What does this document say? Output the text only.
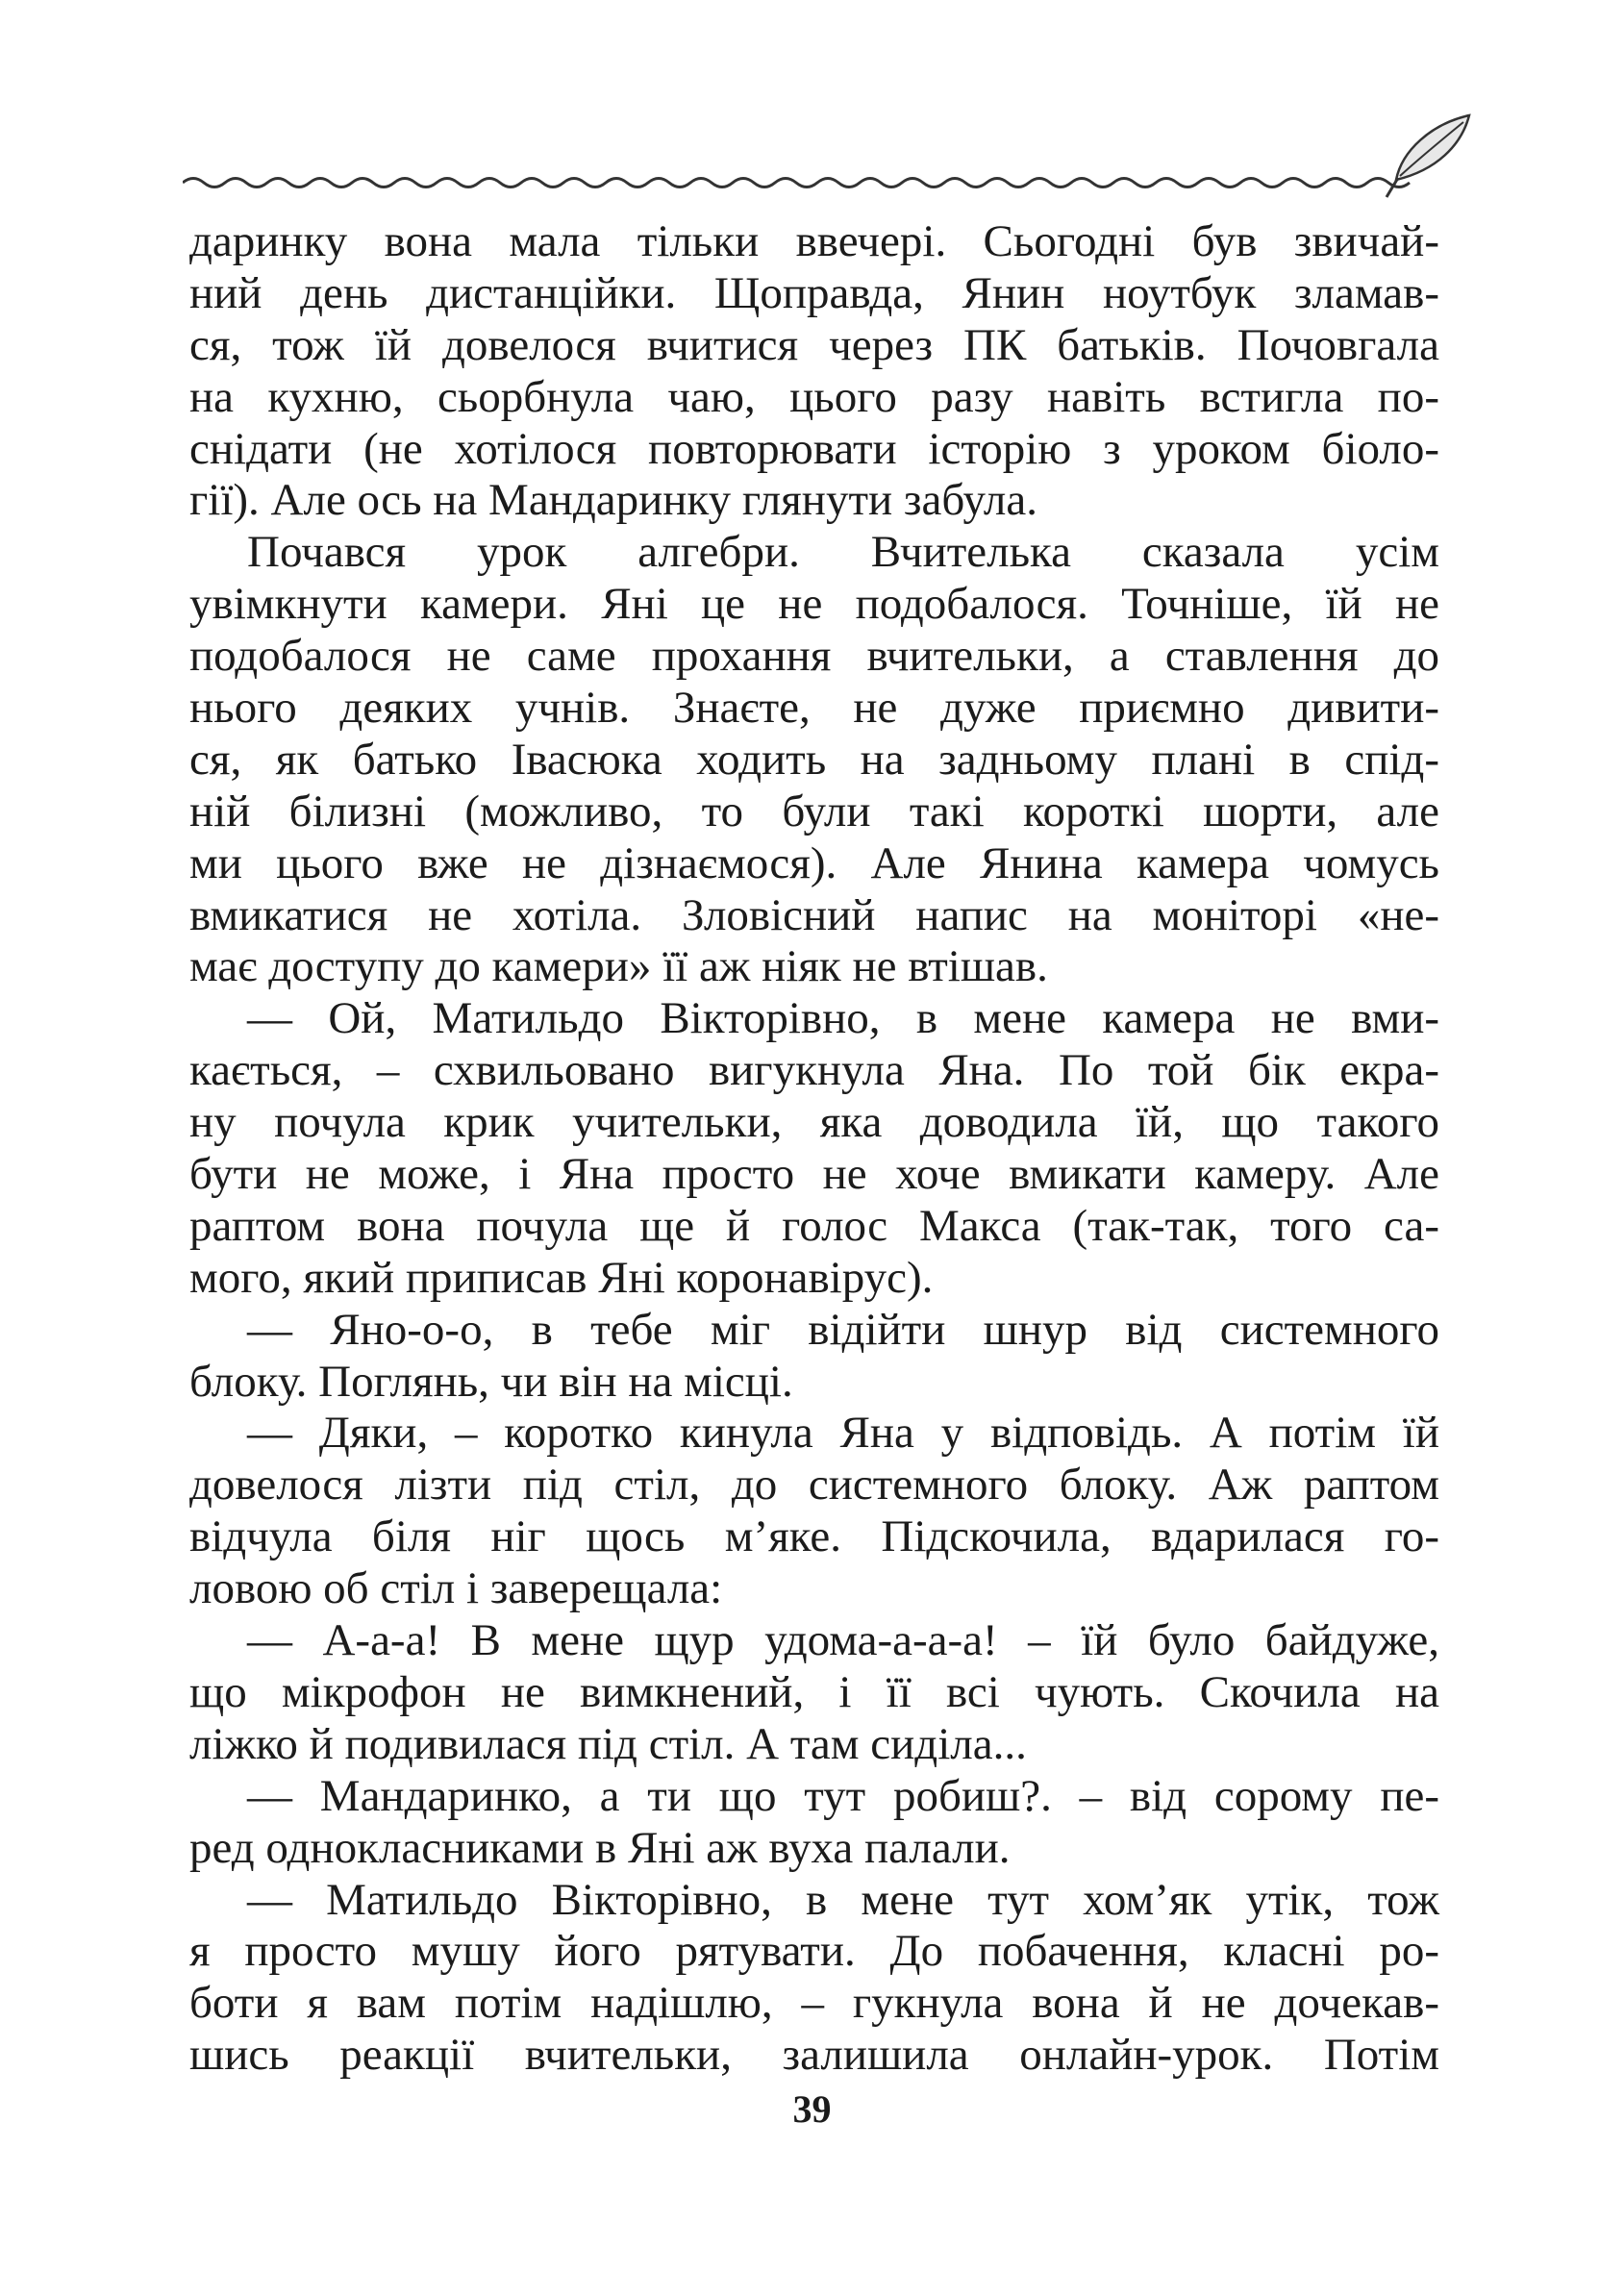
даринку вона мала тільки ввечері. Сьогодні був звичай-
ний день дистанційки. Щоправда, Янин ноутбук зламав-
ся, тож їй довелося вчитися через ПК батьків. Почовгала
на кухню, сьорбнула чаю, цього разу навіть встигла по-
снідати (не хотілося повторювати історію з уроком біоло-
гії). Але ось на Мандаринку глянути забула.
Почався урок алгебри. Вчителька сказала усім
увімкнути камери. Яні це не подобалося. Точніше, їй не
подобалося не саме прохання вчительки, а ставлення до
нього деяких учнів. Знаєте, не дуже приємно дивити-
ся, як батько Івасюка ходить на задньому плані в спід-
ній білизні (можливо, то були такі короткі шорти, але
ми цього вже не дізнаємося). Але Янина камера чомусь
вмикатися не хотіла. Зловісний напис на моніторі «не-
має доступу до камери» її аж ніяк не втішав.
— Ой, Матильдо Вікторівно, в мене камера не вми-
кається, – схвильовано вигукнула Яна. По той бік екра-
ну почула крик учительки, яка доводила їй, що такого
бути не може, і Яна просто не хоче вмикати камеру. Але
раптом вона почула ще й голос Макса (так-так, того са-
мого, який приписав Яні коронавірус).
— Яно-о-о, в тебе міг відійти шнур від системного
блоку. Поглянь, чи він на місці.
— Дяки, – коротко кинула Яна у відповідь. А потім їй
довелося лізти під стіл, до системного блоку. Аж раптом
відчула біля ніг щось м’яке. Підскочила, вдарилася го-
ловою об стіл і заверещала:
— А-а-а! В мене щур удома-а-а-а! – їй було байдуже,
що мікрофон не вимкнений, і її всі чують. Скочила на
ліжко й подивилася під стіл. А там сиділа...
— Мандаринко, а ти що тут робиш?. – від сорому пе-
ред однокласниками в Яні аж вуха палали.
— Матильдо Вікторівно, в мене тут хом’як утік, тож
я просто мушу його рятувати. До побачення, класні ро-
боти я вам потім надішлю, – гукнула вона й не дочекав-
шись реакції вчительки, залишила онлайн-урок. Потім
39
